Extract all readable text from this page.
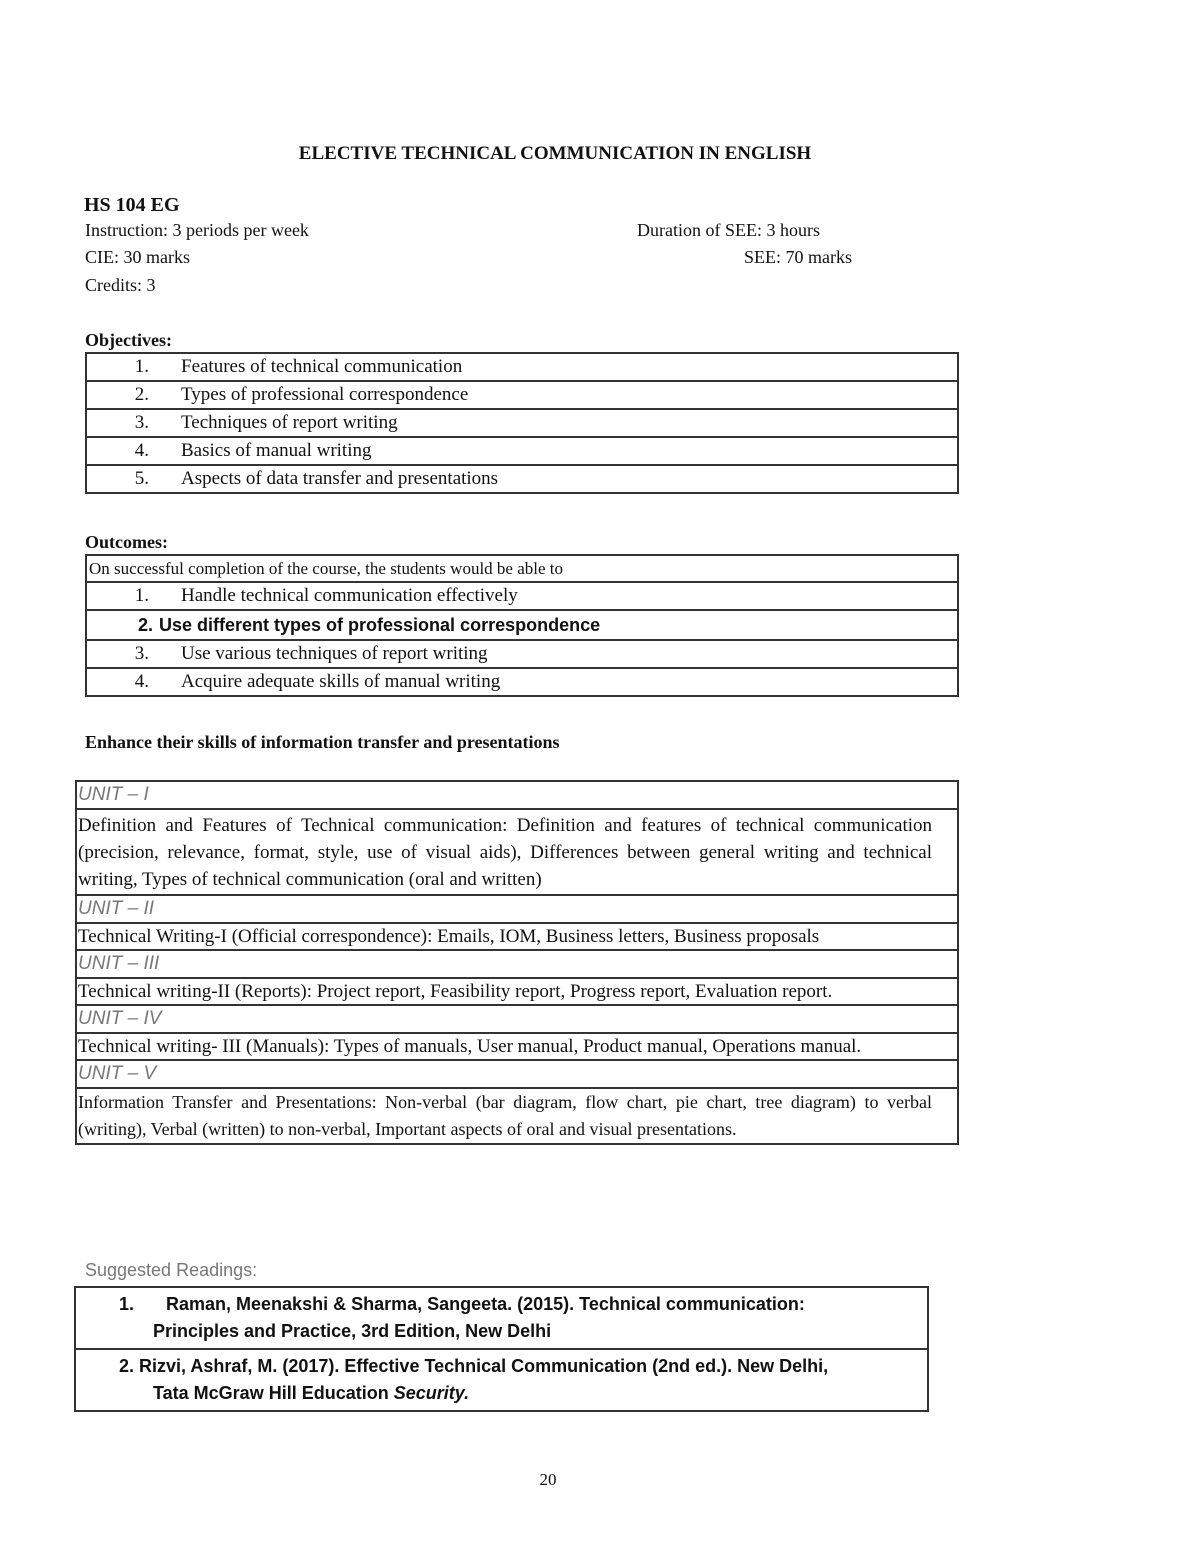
ELECTIVE TECHNICAL COMMUNICATION IN ENGLISH
HS 104 EG
Instruction: 3 periods per week	Duration of SEE: 3 hours
CIE: 30 marks	SEE: 70 marks
Credits: 3
Objectives:
1. Features of technical communication
2. Types of professional correspondence
3. Techniques of report writing
4. Basics of manual writing
5. Aspects of data transfer and presentations
Outcomes:
On successful completion of the course, the students would be able to
1. Handle technical communication effectively
2. Use different types of professional correspondence
3. Use various techniques of report writing
4. Acquire adequate skills of manual writing
Enhance their skills of information transfer and presentations
UNIT – I
Definition and Features of Technical communication: Definition and features of technical communication (precision, relevance, format, style, use of visual aids), Differences between general writing and technical writing, Types of technical communication (oral and written)
UNIT – II
Technical Writing-I (Official correspondence): Emails, IOM, Business letters, Business proposals
UNIT – III
Technical writing-II (Reports): Project report, Feasibility report, Progress report, Evaluation report.
UNIT – IV
Technical writing- III (Manuals): Types of manuals, User manual, Product manual, Operations manual.
UNIT – V
Information Transfer and Presentations: Non-verbal (bar diagram, flow chart, pie chart, tree diagram) to verbal (writing), Verbal (written) to non-verbal, Important aspects of oral and visual presentations.
Suggested Readings:
1. Raman, Meenakshi & Sharma, Sangeeta. (2015). Technical communication:
Principles and Practice, 3rd Edition, New Delhi

2. Rizvi, Ashraf, M. (2017). Effective Technical Communication (2nd ed.). New Delhi,
Tata McGraw Hill Education Security.
20
